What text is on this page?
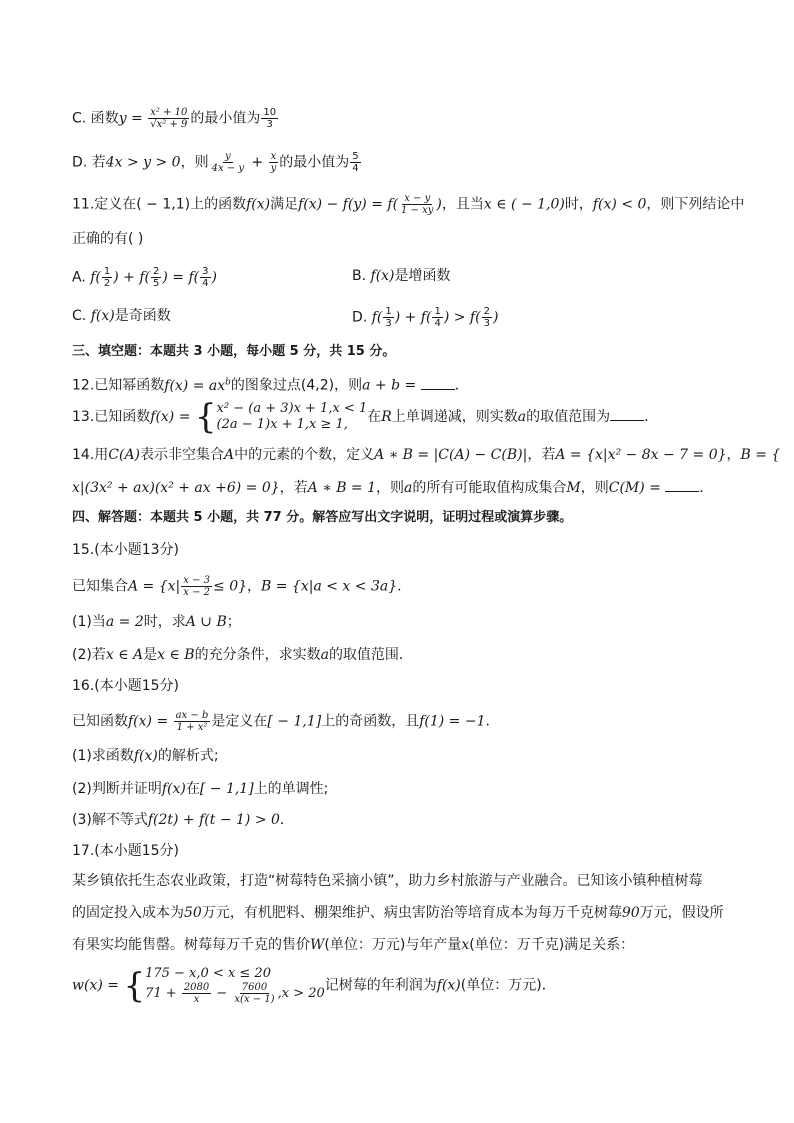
C. 函数$y = \frac{\text{x² + 10}}{\text{√x² + 9}}$ 的最小值为 $\frac{10}{3}$
D. 若4x > y > 0，则 $\frac{y}{4x - y} + \frac{x}{y}$ 的最小值为 $\frac{5}{4}$
11.定义在( − 1,1)上的函数f(x)满足$f(x) - f(y) = f( \frac{x - y}{1 - xy}$ )，且当x ∈ ( − 1,0)时，f(x) < 0，则下列结论中
正确的有( )
A. $f( \frac{1}{2}$ ) + $f( \frac{2}{5}$ ) = $f( \frac{3}{4}$ )	B. f(x)是增函数
C. f(x)是奇函数	D. $f( \frac{1}{3}$ ) + $f( \frac{1}{4}$ ) > $f( \frac{2}{3}$ )
三、填空题：本题共 3 小题，每小题 5 分，共 15 分。
12.已知幂函数$f(x) = ax^b$的图象过点(4,2)，则a + b = ．
13.已知函数f(x) = { x² − (a + 3)x + 1,x < 1
(2a − 1)x + 1,x ≥ 1,	在R上单调递减，则实数a的取值范围为 ．
14.用C(A)表示非空集合A中的元素的个数，定义A ∗ B = |C(A) − C(B)|，若A = {x|x² − 8x − 7 = 0}，B = {
x|(3x² + ax)(x² + ax +6) = 0}，若A ∗ B = 1，则a的所有可能取值构成集合M，则C(M) = ．
四、解答题：本题共 5 小题，共 77 分。解答应写出文字说明，证明过程或演算步骤。
15.(本小题13分)
已知集合$A = \{x| \frac{x - 3}{x - 2} \le 0\}$，B = {x|a < x < 3a}．
(1)当a = 2时，求A ∪ B；
(2)若x ∈ A是x ∈ B的充分条件，求实数a的取值范围．
16.(本小题15分)
已知函数$f(x) = \frac{ax - b}{\text{1 + x²}}$ 是定义在[ − 1,1]上的奇函数，且f(1) = −1．
(1)求函数f(x)的解析式;
(2)判断并证明f(x)在[ − 1,1]上的单调性;
(3)解不等式f(2t) + f(t − 1) > 0．
17.(本小题15分)
某乡镇依托生态农业政策，打造“树莓特色采摘小镇”，助力乡村旅游与产业融合。已知该小镇种植树莓
的固定投入成本为50万元，有机肥料、棚架维护、病虫害防治等培育成本为每万千克树莓90万元，假设所
有果实均能售罄。树莓每万千克的售价W(单位：万元)与年产量x(单位：万千克)满足关系：
w(x) = { 175 − x,0 < x ≤ 20
$71 + \frac{2080}{x} - \frac{7600}{x(x - 1)} ,x > 20$ 记树莓的年利润为f(x)(单位：万元)．
